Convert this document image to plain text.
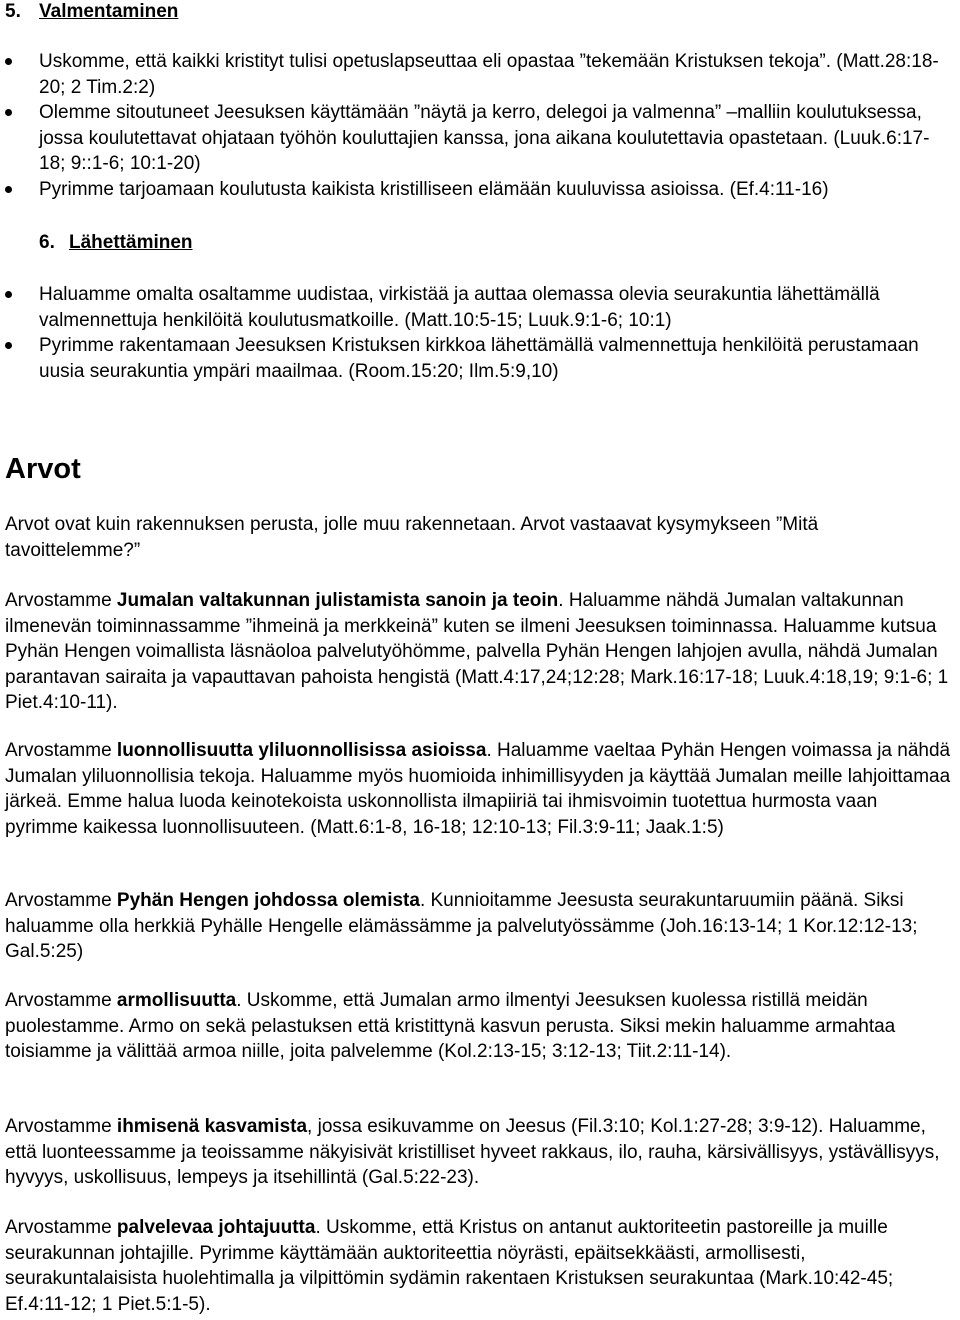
5. Valmentaminen
Uskomme, että kaikki kristityt tulisi opetuslapseuttaa eli opastaa ”tekemään Kristuksen tekoja”. (Matt.28:18-20; 2 Tim.2:2)
Olemme sitoutuneet Jeesuksen käyttämään ”näytä ja kerro, delegoi ja valmenna” –malliin koulutuksessa, jossa koulutettavat ohjataan työhön kouluttajien kanssa, jona aikana koulutettavia opastetaan. (Luuk.6:17-18; 9::1-6; 10:1-20)
Pyrimme tarjoamaan koulutusta kaikista kristilliseen elämään kuuluvissa asioissa. (Ef.4:11-16)
6. Lähettäminen
Haluamme omalta osaltamme uudistaa, virkistää ja auttaa olemassa olevia seurakuntia lähettämällä valmennettuja henkilöitä koulutusmatkoille. (Matt.10:5-15; Luuk.9:1-6; 10:1)
Pyrimme rakentamaan Jeesuksen Kristuksen kirkkoa lähettämällä valmennettuja henkilöitä perustamaan uusia seurakuntia ympäri maailmaa. (Room.15:20; Ilm.5:9,10)
Arvot

Arvot ovat kuin rakennuksen perusta, jolle muu rakennetaan. Arvot vastaavat kysymykseen ”Mitä tavoittelemme?”

Arvostamme Jumalan valtakunnan julistamista sanoin ja teoin. Haluamme nähdä Jumalan valtakunnan ilmenevän toiminnassamme ”ihmeinä ja merkkeinä” kuten se ilmeni Jeesuksen toiminnassa. Haluamme kutsua Pyhän Hengen voimallista läsnäoloa palvelutyöhömme, palvella Pyhän Hengen lahjojen avulla, nähdä Jumalan parantavan sairaita ja vapauttavan pahoista hengistä (Matt.4:17,24;12:28; Mark.16:17-18; Luuk.4:18,19; 9:1-6; 1 Piet.4:10-11).

Arvostamme luonnollisuutta yliluonnollisissa asioissa. Haluamme vaeltaa Pyhän Hengen voimassa ja nähdä Jumalan yliluonnollisia tekoja. Haluamme myös huomioida inhimillisyyden ja käyttää Jumalan meille lahjoittamaa järkeä. Emme halua luoda keinotekoista uskonnollista ilmapiiriä tai ihmisvoimin tuotettua hurmosta vaan pyrimme kaikessa luonnollisuuteen. (Matt.6:1-8, 16-18; 12:10-13; Fil.3:9-11; Jaak.1:5)

Arvostamme Pyhän Hengen johdossa olemista. Kunnioitamme Jeesusta seurakuntaruumiin päänä. Siksi haluamme olla herkkiä Pyhälle Hengelle elämässämme ja palvelutyössämme (Joh.16:13-14; 1 Kor.12:12-13; Gal.5:25)

Arvostamme armollisuutta. Uskomme, että Jumalan armo ilmentyi Jeesuksen kuolessa ristillä meidän puolestamme. Armo on sekä pelastuksen että kristittynä kasvun perusta. Siksi mekin haluamme armahtaa toisiamme ja välittää armoa niille, joita palvelemme (Kol.2:13-15; 3:12-13; Tiit.2:11-14).

Arvostamme ihmisenä kasvamista, jossa esikuvamme on Jeesus (Fil.3:10; Kol.1:27-28; 3:9-12). Haluamme, että luonteessamme ja teoissamme näkyisivät kristilliset hyveet rakkaus, ilo, rauha, kärsivällisyys, ystävällisyys, hyvyys, uskollisuus, lempeys ja itsehillintä (Gal.5:22-23).

Arvostamme palvelevaa johtajuutta. Uskomme, että Kristus on antanut auktoriteetin pastoreille ja muille seurakunnan johtajille. Pyrimme käyttämään auktoriteettia nöyrästi, epäitsekkäästi, armollisesti, seurakuntalaisista huolehtimalla ja vilpittömin sydämin rakentaen Kristuksen seurakuntaa (Mark.10:42-45; Ef.4:11-12; 1 Piet.5:1-5).
